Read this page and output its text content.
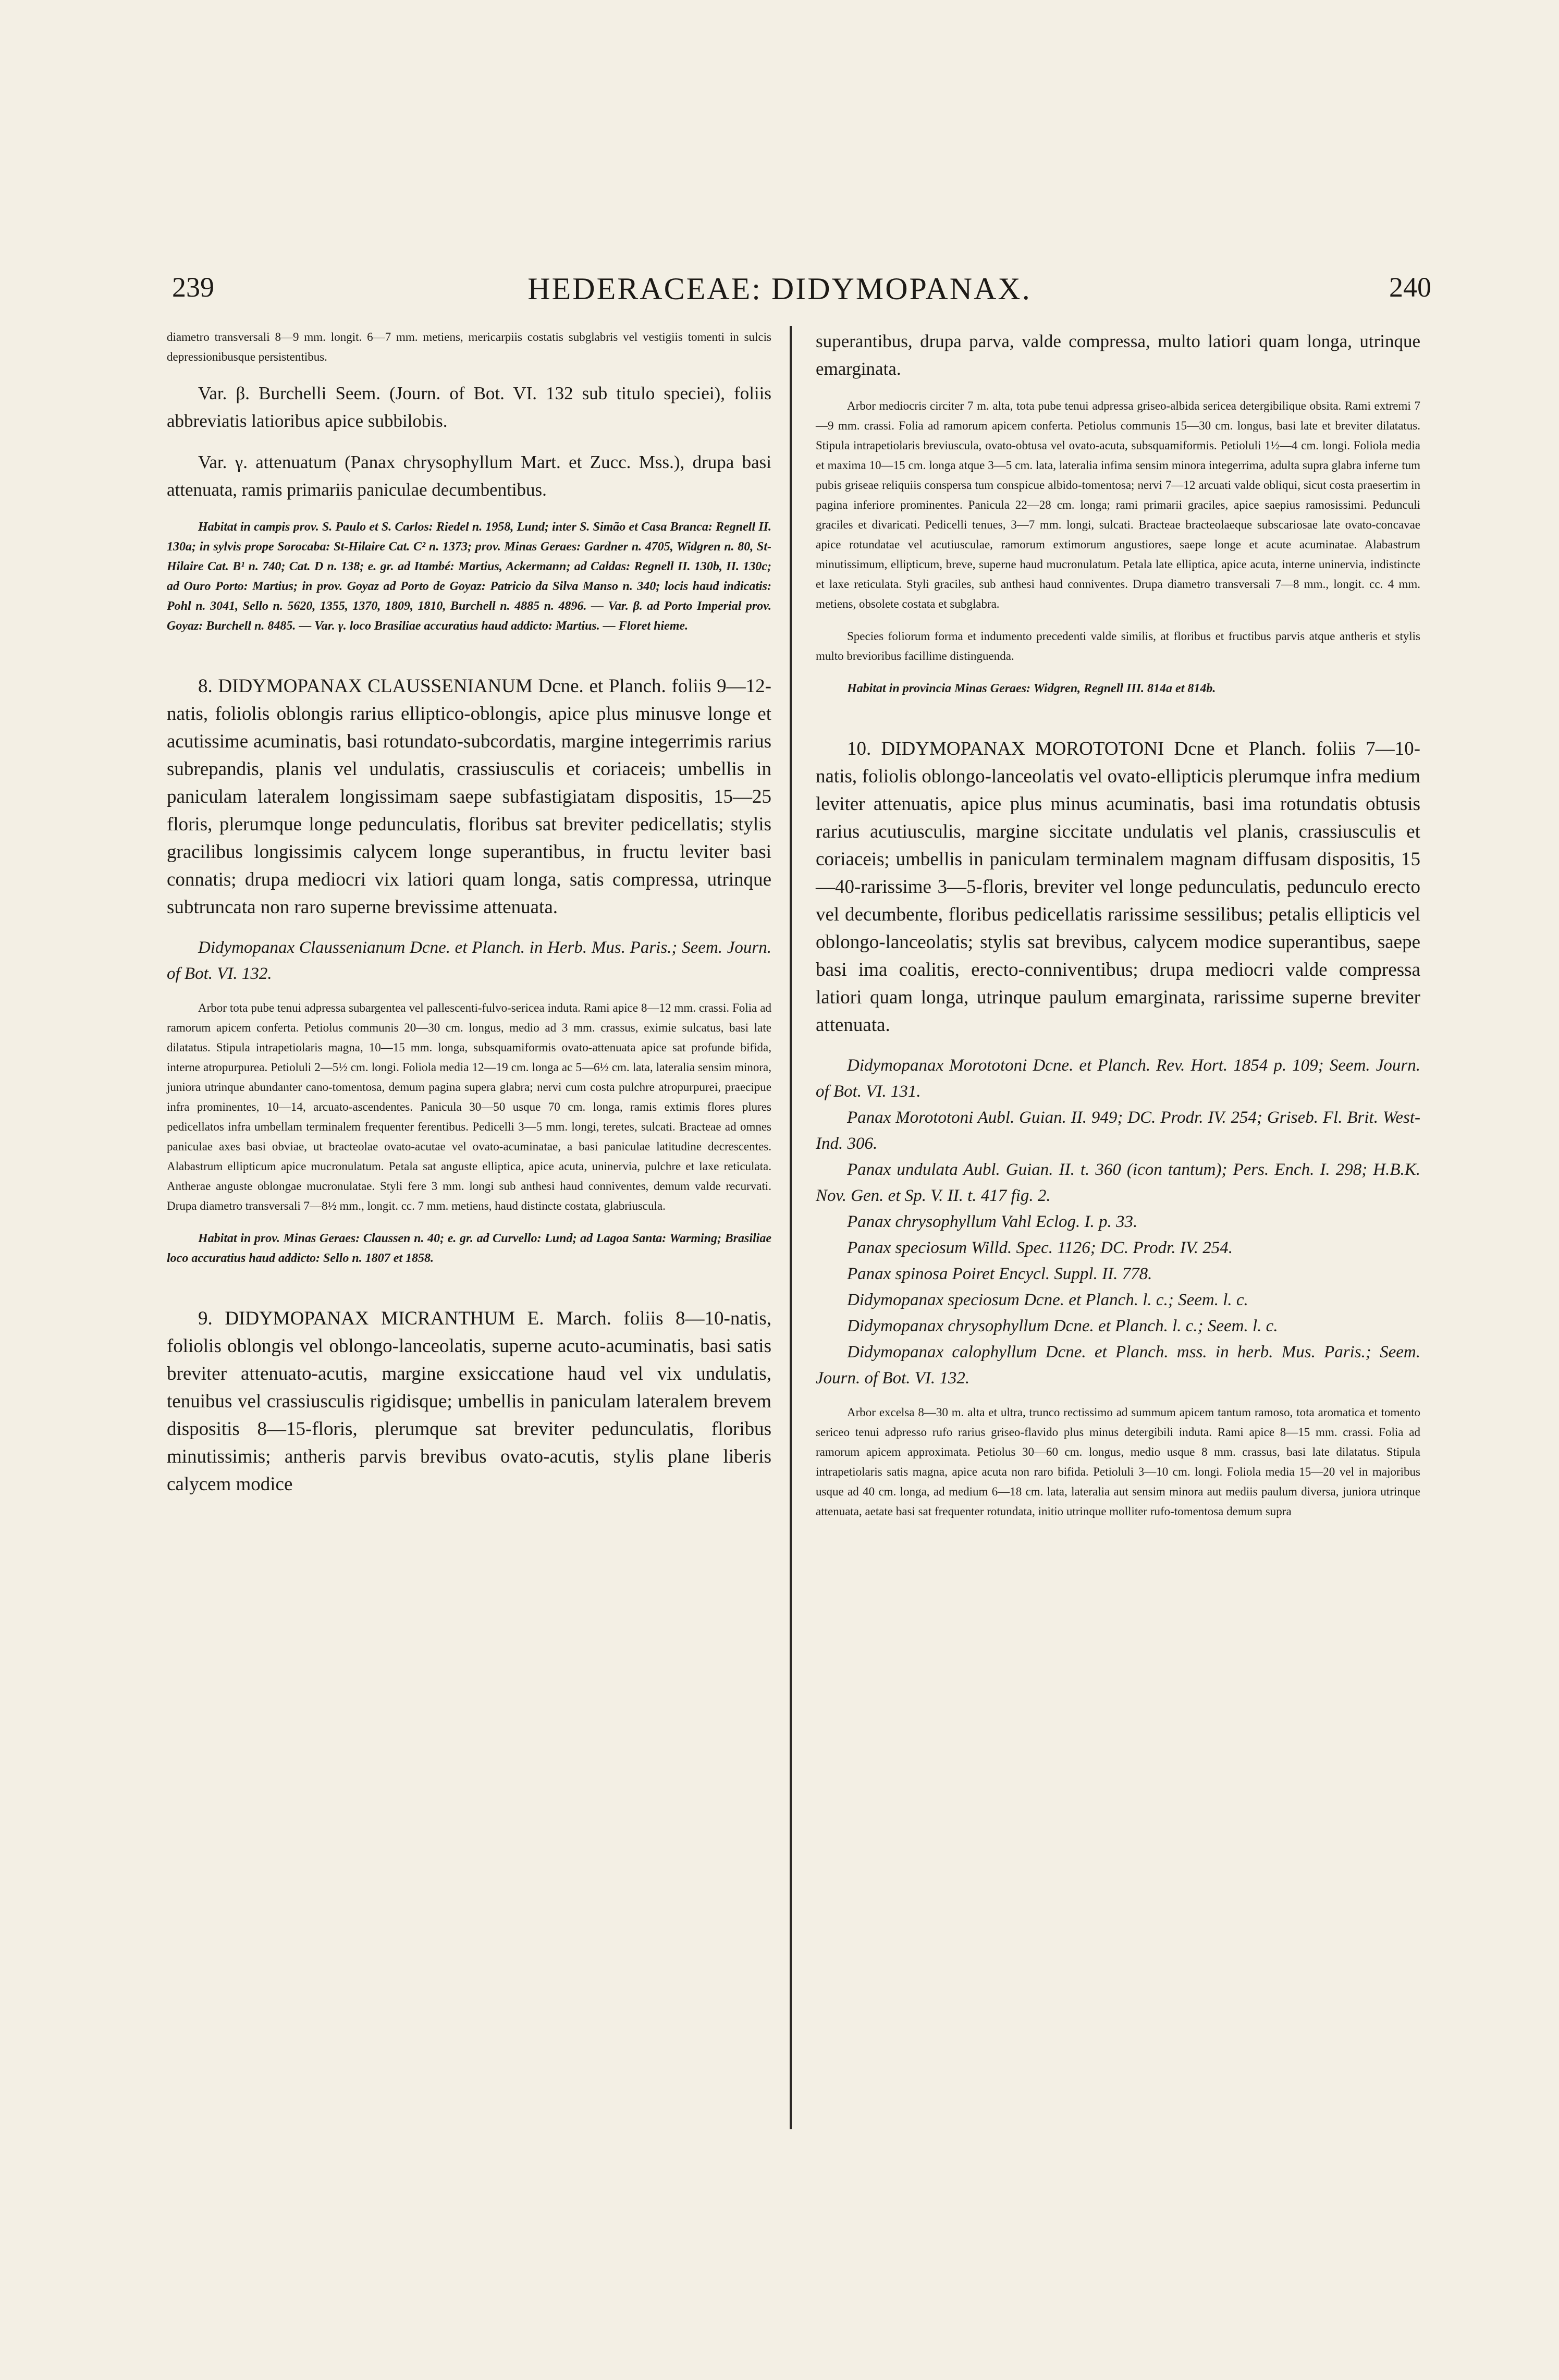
239	HEDERACEAE: DIDYMOPANAX.	240

diametro transversali 8—9 mm. longit. 6—7 mm. metiens, mericarpiis costatis subglabris vel vestigiis tomenti in sulcis depressionibusque persistentibus.

Var. β. Burchelli Seem. (Journ. of Bot. VI. 132 sub titulo speciei), foliis abbreviatis latioribus apice subbilobis.

Var. γ. attenuatum (Panax chrysophyllum Mart. et Zucc. Mss.), drupa basi attenuata, ramis primariis paniculae decumbentibus.

Habitat in campis prov. S. Paulo et S. Carlos: Riedel n. 1958, Lund; inter S. Simão et Casa Branca: Regnell II. 130a; in sylvis prope Sorocaba: St-Hilaire Cat. C² n. 1373; prov. Minas Geraes: Gardner n. 4705, Widgren n. 80, St-Hilaire Cat. B¹ n. 740; Cat. D n. 138; e. gr. ad Itambé: Martius, Ackermann; ad Caldas: Regnell II. 130b, II. 130c; ad Ouro Porto: Martius; in prov. Goyaz ad Porto de Goyaz: Patricio da Silva Manso n. 340; locis haud indicatis: Pohl n. 3041, Sello n. 5620, 1355, 1370, 1809, 1810, Burchell n. 4885 n. 4896. — Var. β. ad Porto Imperial prov. Goyaz: Burchell n. 8485. — Var. γ. loco Brasiliae accuratius haud addicto: Martius. — Floret hieme.

8. DIDYMOPANAX CLAUSSENIANUM Dcne. et Planch. foliis 9—12-natis, foliolis oblongis rarius elliptico-oblongis, apice plus minusve longe et acutissime acuminatis, basi rotundato-subcordatis, margine integerrimis rarius subrepandis, planis vel undulatis, crassiusculis et coriaceis; umbellis in paniculam lateralem longissimam saepe subfastigiatam dispositis, 15—25 floris, plerumque longe pedunculatis, floribus sat breviter pedicellatis; stylis gracilibus longissimis calycem longe superantibus, in fructu leviter basi connatis; drupa mediocri vix latiori quam longa, satis compressa, utrinque subtruncata non raro superne brevissime attenuata.

Didymopanax Claussenianum Dcne. et Planch. in Herb. Mus. Paris.; Seem. Journ. of Bot. VI. 132.

Arbor tota pube tenui adpressa subargentea vel pallescenti-fulvo-sericea induta. Rami apice 8—12 mm. crassi. Folia ad ramorum apicem conferta. Petiolus communis 20—30 cm. longus, medio ad 3 mm. crassus, eximie sulcatus, basi late dilatatus. Stipula intrapetiolaris magna, 10—15 mm. longa, subsquamiformis ovato-attenuata apice sat profunde bifida, interne atropurpurea. Petioluli 2—5½ cm. longi. Foliola media 12—19 cm. longa ac 5—6½ cm. lata, lateralia sensim minora, juniora utrinque abundanter cano-tomentosa, demum pagina supera glabra; nervi cum costa pulchre atropurpurei, praecipue infra prominentes, 10—14, arcuato-ascendentes. Panicula 30—50 usque 70 cm. longa, ramis extimis flores plures pedicellatos infra umbellam terminalem frequenter ferentibus. Pedicelli 3—5 mm. longi, teretes, sulcati. Bracteae ad omnes paniculae axes basi obviae, ut bracteolae ovato-acutae vel ovato-acuminatae, a basi paniculae latitudine decrescentes. Alabastrum ellipticum apice mucronulatum. Petala sat anguste elliptica, apice acuta, uninervia, pulchre et laxe reticulata. Antherae anguste oblongae mucronulatae. Styli fere 3 mm. longi sub anthesi haud conniventes, demum valde recurvati. Drupa diametro transversali 7—8½ mm., longit. cc. 7 mm. metiens, haud distincte costata, glabriuscula.

Habitat in prov. Minas Geraes: Claussen n. 40; e. gr. ad Curvello: Lund; ad Lagoa Santa: Warming; Brasiliae loco accuratius haud addicto: Sello n. 1807 et 1858.

9. DIDYMOPANAX MICRANTHUM E. March. foliis 8—10-natis, foliolis oblongis vel oblongo-lanceolatis, superne acuto-acuminatis, basi satis breviter attenuato-acutis, margine exsiccatione haud vel vix undulatis, tenuibus vel crassiusculis rigidisque; umbellis in paniculam lateralem brevem dispositis 8—15-floris, plerumque sat breviter pedunculatis, floribus minutissimis; antheris parvis brevibus ovato-acutis, stylis plane liberis calycem modice

superantibus, drupa parva, valde compressa, multo latiori quam longa, utrinque emarginata.

Arbor mediocris circiter 7 m. alta, tota pube tenui adpressa griseo-albida sericea detergibilique obsita. Rami extremi 7—9 mm. crassi. Folia ad ramorum apicem conferta. Petiolus communis 15—30 cm. longus, basi late et breviter dilatatus. Stipula intrapetiolaris breviuscula, ovato-obtusa vel ovato-acuta, subsquamiformis. Petioluli 1½—4 cm. longi. Foliola media et maxima 10—15 cm. longa atque 3—5 cm. lata, lateralia infima sensim minora integerrima, adulta supra glabra inferne tum pubis griseae reliquiis conspersa tum conspicue albido-tomentosa; nervi 7—12 arcuati valde obliqui, sicut costa praesertim in pagina inferiore prominentes. Panicula 22—28 cm. longa; rami primarii graciles, apice saepius ramosissimi. Pedunculi graciles et divaricati. Pedicelli tenues, 3—7 mm. longi, sulcati. Bracteae bracteolaeque subscariosae late ovato-concavae apice rotundatae vel acutiusculae, ramorum extimorum angustiores, saepe longe et acute acuminatae. Alabastrum minutissimum, ellipticum, breve, superne haud mucronulatum. Petala late elliptica, apice acuta, interne uninervia, indistincte et laxe reticulata. Styli graciles, sub anthesi haud conniventes. Drupa diametro transversali 7—8 mm., longit. cc. 4 mm. metiens, obsolete costata et subglabra.

Species foliorum forma et indumento precedenti valde similis, at floribus et fructibus parvis atque antheris et stylis multo brevioribus facillime distinguenda.

Habitat in provincia Minas Geraes: Widgren, Regnell III. 814a et 814b.

10. DIDYMOPANAX MOROTOTONI Dcne et Planch. foliis 7—10-natis, foliolis oblongo-lanceolatis vel ovato-ellipticis plerumque infra medium leviter attenuatis, apice plus minus acuminatis, basi ima rotundatis obtusis rarius acutiusculis, margine siccitate undulatis vel planis, crassiusculis et coriaceis; umbellis in paniculam terminalem magnam diffusam dispositis, 15—40-rarissime 3—5-floris, breviter vel longe pedunculatis, pedunculo erecto vel decumbente, floribus pedicellatis rarissime sessilibus; petalis ellipticis vel oblongo-lanceolatis; stylis sat brevibus, calycem modice superantibus, saepe basi ima coalitis, erecto-conniventibus; drupa mediocri valde compressa latiori quam longa, utrinque paulum emarginata, rarissime superne breviter attenuata.

Didymopanax Morototoni Dcne. et Planch. Rev. Hort. 1854 p. 109; Seem. Journ. of Bot. VI. 131.

Panax Morototoni Aubl. Guian. II. 949; DC. Prodr. IV. 254; Griseb. Fl. Brit. West-Ind. 306.

Panax undulata Aubl. Guian. II. t. 360 (icon tantum); Pers. Ench. I. 298; H.B.K. Nov. Gen. et Sp. V. II. t. 417 fig. 2.

Panax chrysophyllum Vahl Eclog. I. p. 33.

Panax speciosum Willd. Spec. 1126; DC. Prodr. IV. 254.

Panax spinosa Poiret Encycl. Suppl. II. 778.

Didymopanax speciosum Dcne. et Planch. l. c.; Seem. l. c.

Didymopanax chrysophyllum Dcne. et Planch. l. c.; Seem. l. c.

Didymopanax calophyllum Dcne. et Planch. mss. in herb. Mus. Paris.; Seem. Journ. of Bot. VI. 132.

Arbor excelsa 8—30 m. alta et ultra, trunco rectissimo ad summum apicem tantum ramoso, tota aromatica et tomento sericeo tenui adpresso rufo rarius griseo-flavido plus minus detergibili induta. Rami apice 8—15 mm. crassi. Folia ad ramorum apicem approximata. Petiolus 30—60 cm. longus, medio usque 8 mm. crassus, basi late dilatatus. Stipula intrapetiolaris satis magna, apice acuta non raro bifida. Petioluli 3—10 cm. longi. Foliola media 15—20 vel in majoribus usque ad 40 cm. longa, ad medium 6—18 cm. lata, lateralia aut sensim minora aut mediis paulum diversa, juniora utrinque attenuata, aetate basi sat frequenter rotundata, initio utrinque molliter rufo-tomentosa demum supra
